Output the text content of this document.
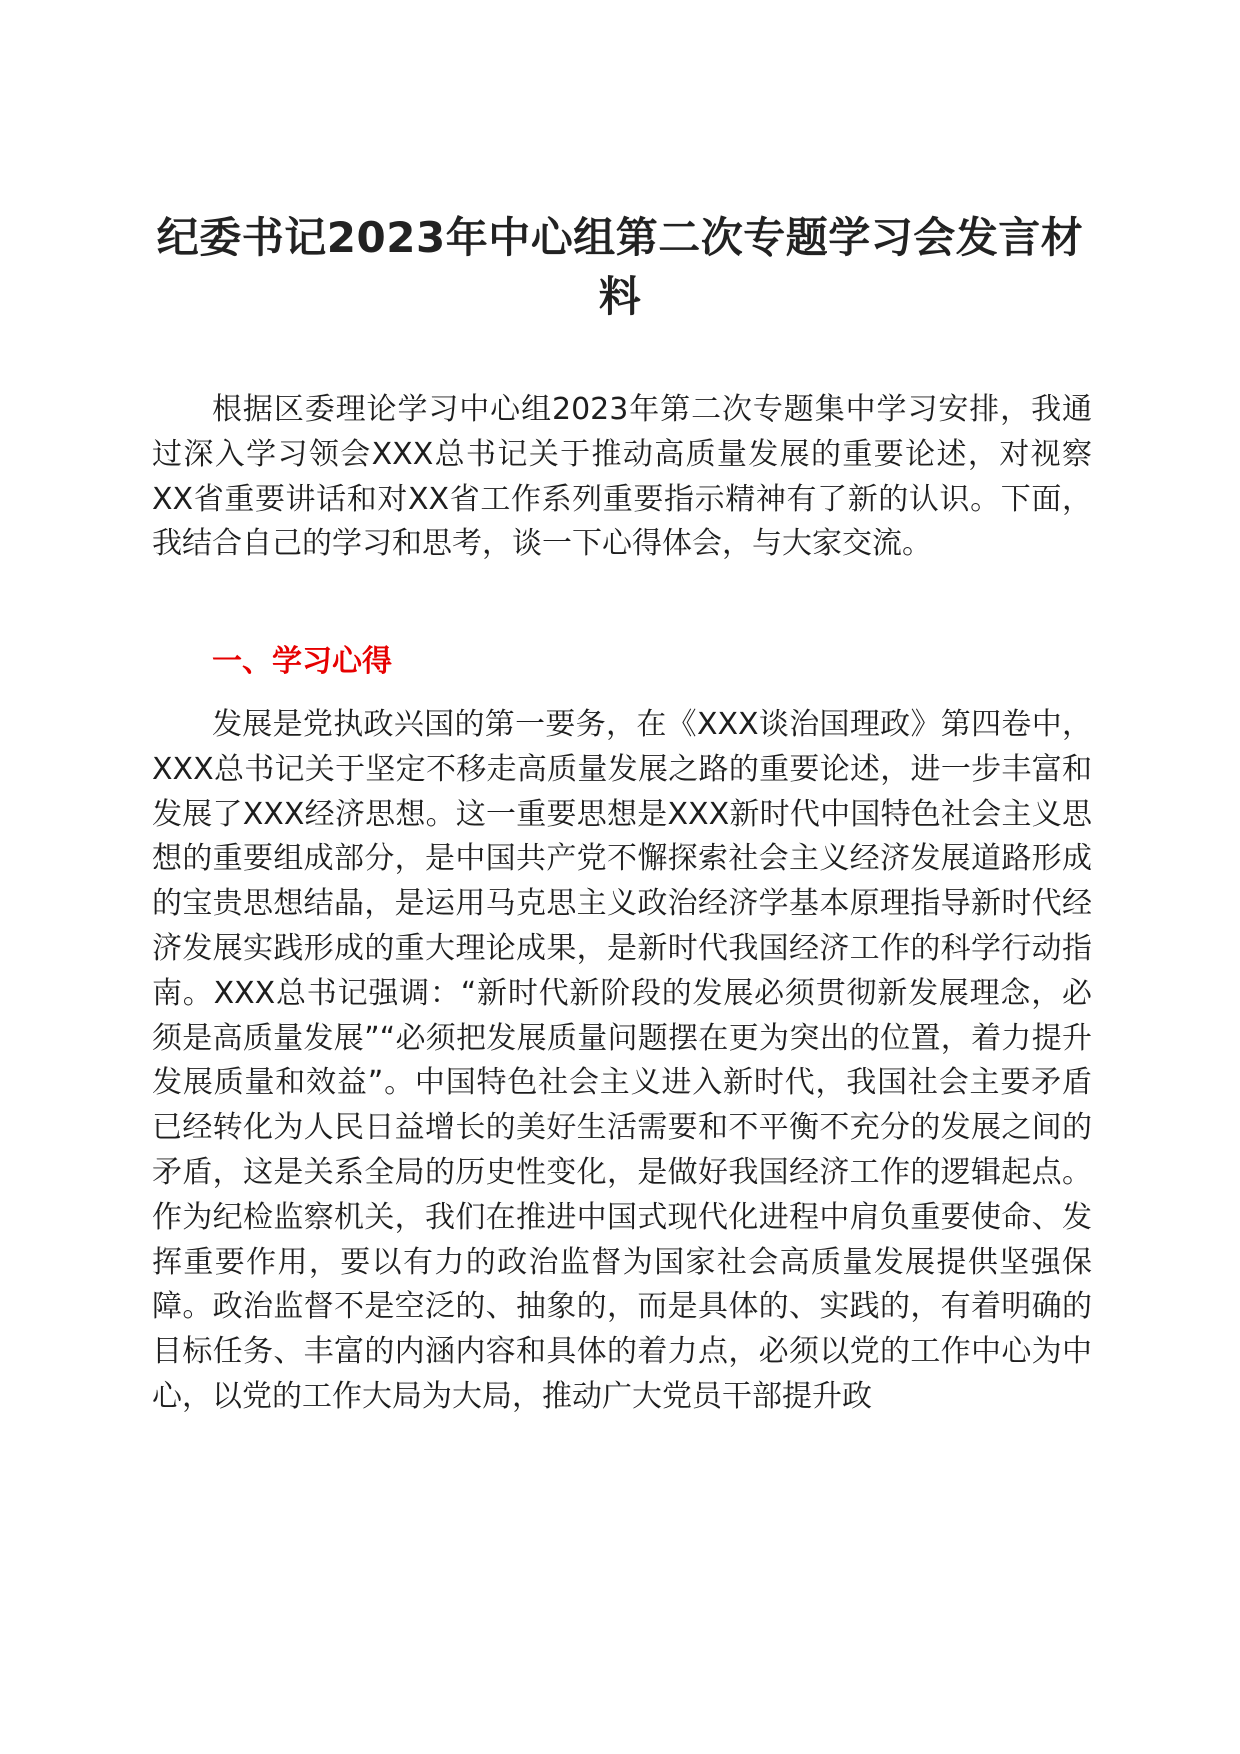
纪委书记2023年中心组第二次专题学习会发言材料

根据区委理论学习中心组2023年第二次专题集中学习安排，我通过深入学习领会XXX总书记关于推动高质量发展的重要论述，对视察XX省重要讲话和对XX省工作系列重要指示精神有了新的认识。下面，我结合自己的学习和思考，谈一下心得体会，与大家交流。

一、学习心得

发展是党执政兴国的第一要务，在《XXX谈治国理政》第四卷中，XXX总书记关于坚定不移走高质量发展之路的重要论述，进一步丰富和发展了XXX经济思想。这一重要思想是XXX新时代中国特色社会主义思想的重要组成部分，是中国共产党不懈探索社会主义经济发展道路形成的宝贵思想结晶，是运用马克思主义政治经济学基本原理指导新时代经济发展实践形成的重大理论成果，是新时代我国经济工作的科学行动指南。XXX总书记强调：“新时代新阶段的发展必须贯彻新发展理念，必须是高质量发展”“必须把发展质量问题摆在更为突出的位置，着力提升发展质量和效益”。中国特色社会主义进入新时代，我国社会主要矛盾已经转化为人民日益增长的美好生活需要和不平衡不充分的发展之间的矛盾，这是关系全局的历史性变化，是做好我国经济工作的逻辑起点。作为纪检监察机关，我们在推进中国式现代化进程中肩负重要使命、发挥重要作用，要以有力的政治监督为国家社会高质量发展提供坚强保障。政治监督不是空泛的、抽象的，而是具体的、实践的，有着明确的目标任务、丰富的内涵内容和具体的着力点，必须以党的工作中心为中心，以党的工作大局为大局，推动广大党员干部提升政
